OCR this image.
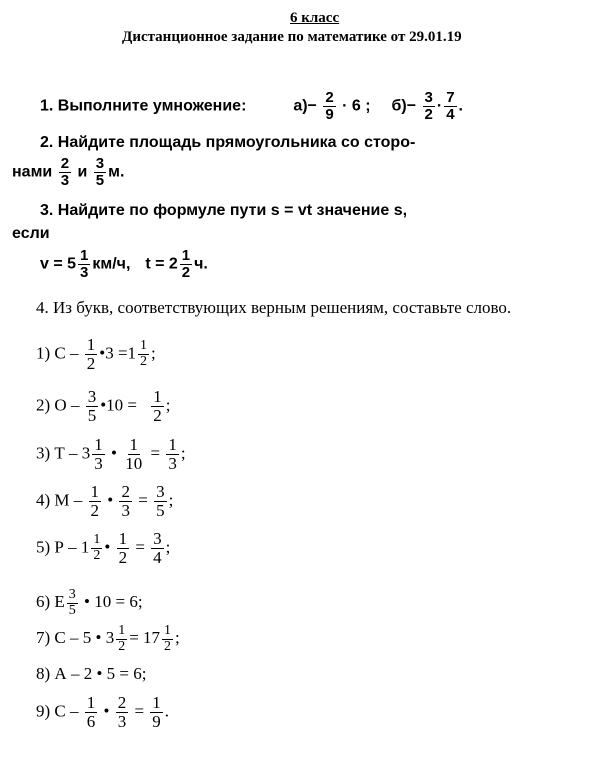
6 класс
Дистанционное задание по математике от 29.01.19
1. Выполните умножение:	$а)- \frac{2}{9} \cdot 6$ ; $б)- \frac{3}{2} \cdot \frac{7}{4}$ .
2. Найдите площадь прямоугольника со сторо-
нами $\frac{2}{3}$ и $\frac{3}{5} м$.
3. Найдите по формуле пути s = vt значение s,
если
$v = 5 \frac{1}{3} км/ч$, $t = 2 \frac{1}{2} ч$.
4. Из букв, соответствующих верным решениям, составьте слово.
1) С – $\frac{1}{2}$ •3 $=1 \frac{1}{2}$ ;
2) О – $\frac{3}{5}$ •10 = $\frac{1}{2}$ ;
3) Т – $3 \frac{1}{3}$ • $\frac{1}{10} = \frac{1}{3}$ ;
4) М – $\frac{1}{2}$ • $\frac{2}{3} = \frac{3}{5}$ ;
5) Р – $1 \frac{1}{2}$ • $\frac{1}{2} = \frac{3}{4}$ ;
6) Е $\frac{3}{5}$ • 10 = 6;
7) С – 5 • $3 \frac{1}{2} = 17 \frac{1}{2}$ ;
8) А – 2 • 5 = 6;
9) С – $\frac{1}{6}$ • $\frac{2}{3} = \frac{1}{9}$ .
